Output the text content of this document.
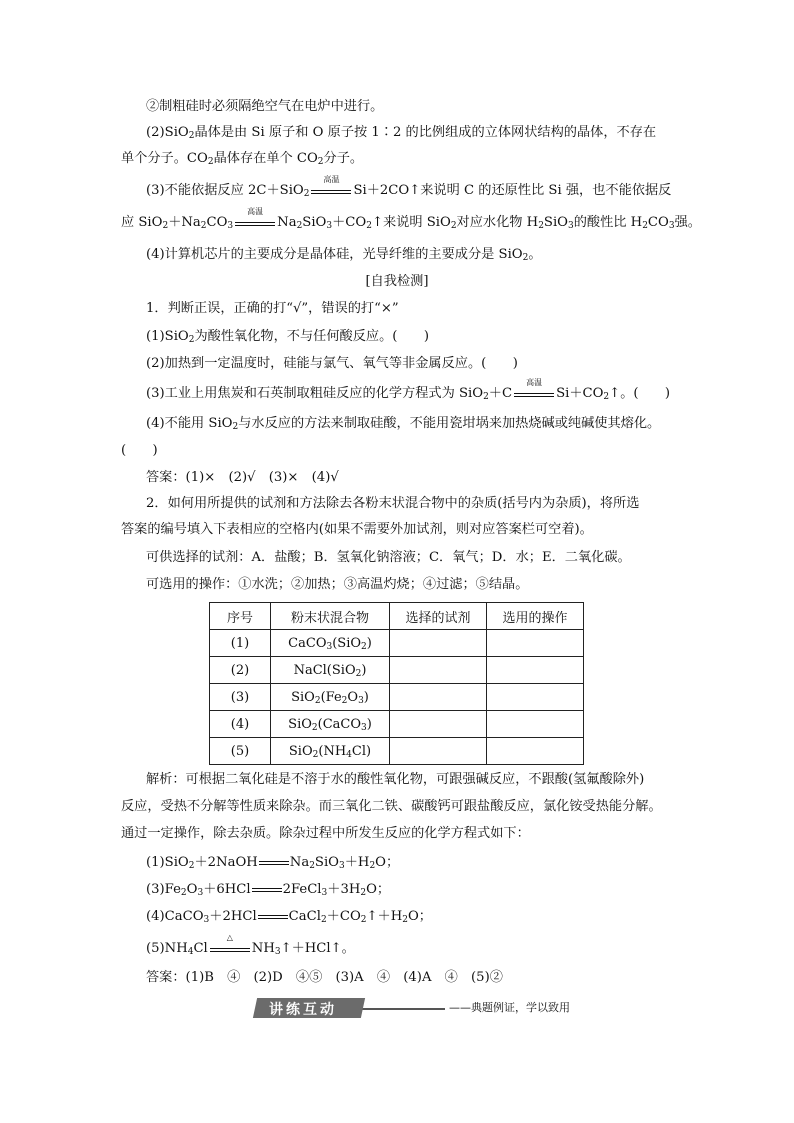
②制粗硅时必须隔绝空气在电炉中进行。
(2)SiO$_2$晶体是由 Si 原子和 O 原子按 1∶2 的比例组成的立体网状结构的晶体，不存在
单个分子。$CO_2$晶体存在单个 $CO_2$分子。
(3)不能依据反应 2C＋SiO$_2$
高温
Si＋2CO↑来说明 C 的还原性比 Si 强，也不能依据反
应 $SiO_2+Na_2CO_3$
高温
$Na_2SiO_3+CO_2↑$来说明 SiO$_2$对应水化物 $H_2SiO_3$的酸性比 $H_2CO_3$强。
(4)计算机芯片的主要成分是晶体硅，光导纤维的主要成分是 SiO$_2$。
[自我检测]
1．判断正误，正确的打“√”，错误的打“×”
(1)SiO$_2$为酸性氧化物，不与任何酸反应。(　　)
(2)加热到一定温度时，硅能与氯气、氧气等非金属反应。(　　)
(3)工业上用焦炭和石英制取粗硅反应的化学方程式为 SiO$_2$＋C
高温
$Si+CO_2↑$。(　　)
(4)不能用 SiO$_2$与水反应的方法来制取硅酸，不能用瓷坩埚来加热烧碱或纯碱使其熔化。
(　　)
答案：(1)×　(2)√　(3)×　(4)√
2．如何用所提供的试剂和方法除去各粉末状混合物中的杂质(括号内为杂质)，将所选
答案的编号填入下表相应的空格内(如果不需要外加试剂，则对应答案栏可空着)。
可供选择的试剂：A．盐酸；B．氢氧化钠溶液；C．氧气；D．水；E．二氧化碳。
可选用的操作：①水洗；②加热；③高温灼烧；④过滤；⑤结晶。
序号	粉末状混合物	选择的试剂	选用的操作
(1)	CaCO$_3$(SiO$_2$)		
(2)	NaCl(SiO$_2$)		
(3)	$SiO_2(Fe_2O_3)$		
(4)	SiO$_2$(CaCO$_3$)		
(5)	$SiO_2(NH_4Cl)$		
解析：可根据二氧化硅是不溶于水的酸性氧化物，可跟强碱反应，不跟酸(氢氟酸除外)
反应，受热不分解等性质来除杂。而三氧化二铁、碳酸钙可跟盐酸反应，氯化铵受热能分解。
通过一定操作，除去杂质。除杂过程中所发生反应的化学方程式如下：
(1)SiO$_2$＋2NaOH $Na_2SiO_3+H_2O$；
$(3)Fe_2O_3+6HCl$ $2FeCl_3+3H_2O$；
(4)CaCO$_3$＋2HCl $CaCl_2+CO_2↑+H_2O$；
$(5)NH_4Cl$
△
$NH_3↑+HCl↑$。
答案：(1)B　④　(2)D　④⑤　(3)A　④　(4)A　④　(5)②
讲练互动	——典题例证，学以致用
